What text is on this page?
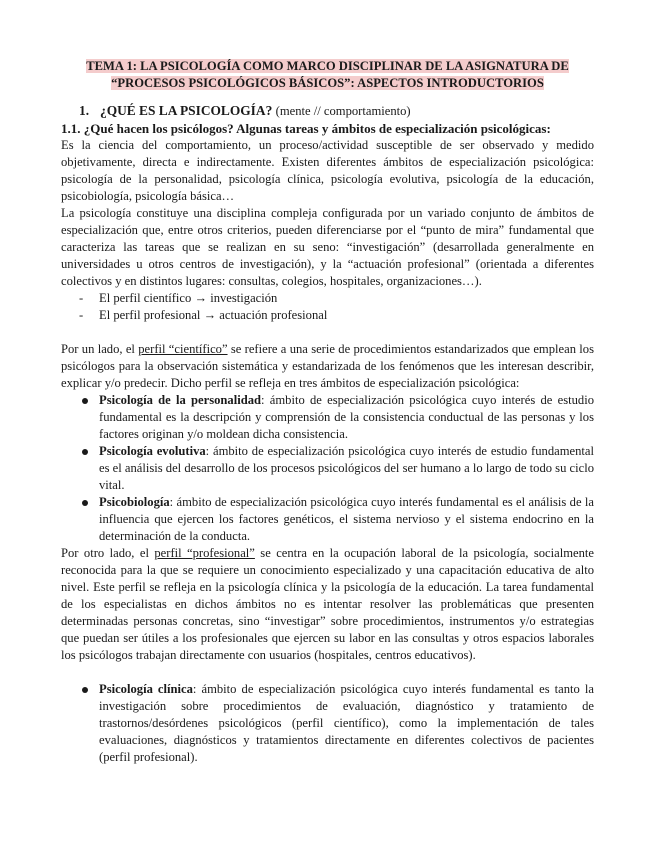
TEMA 1: LA PSICOLOGÍA COMO MARCO DISCIPLINAR DE LA ASIGNATURA DE
“PROCESOS PSICOLÓGICOS BÁSICOS”: ASPECTOS INTRODUCTORIOS
1. ¿QUÉ ES LA PSICOLOGÍA? (mente // comportamiento)
1.1. ¿Qué hacen los psicólogos? Algunas tareas y ámbitos de especialización psicológicas:

Es la ciencia del comportamiento, un proceso/actividad susceptible de ser observado y medido objetivamente, directa e indirectamente. Existen diferentes ámbitos de especialización psicológica: psicología de la personalidad, psicología clínica, psicología evolutiva, psicología de la educación, psicobiología, psicología básica…

La psicología constituye una disciplina compleja configurada por un variado conjunto de ámbitos de especialización que, entre otros criterios, pueden diferenciarse por el “punto de mira” fundamental que caracteriza las tareas que se realizan en su seno: “investigación” (desarrollada generalmente en universidades u otros centros de investigación), y la “actuación profesional” (orientada a diferentes colectivos y en distintos lugares: consultas, colegios, hospitales, organizaciones…).

- El perfil científico → investigación
- El perfil profesional → actuación profesional

Por un lado, el perfil “científico” se refiere a una serie de procedimientos estandarizados que emplean los psicólogos para la observación sistemática y estandarizada de los fenómenos que les interesan describir, explicar y/o predecir. Dicho perfil se refleja en tres ámbitos de especialización psicológica:

Psicología de la personalidad: ámbito de especialización psicológica cuyo interés de estudio fundamental es la descripción y comprensión de la consistencia conductual de las personas y los factores originan y/o moldean dicha consistencia.
Psicología evolutiva: ámbito de especialización psicológica cuyo interés de estudio fundamental es el análisis del desarrollo de los procesos psicológicos del ser humano a lo largo de todo su ciclo vital.
Psicobiología: ámbito de especialización psicológica cuyo interés fundamental es el análisis de la influencia que ejercen los factores genéticos, el sistema nervioso y el sistema endocrino en la determinación de la conducta.

Por otro lado, el perfil “profesional” se centra en la ocupación laboral de la psicología, socialmente reconocida para la que se requiere un conocimiento especializado y una capacitación educativa de alto nivel. Este perfil se refleja en la psicología clínica y la psicología de la educación. La tarea fundamental de los especialistas en dichos ámbitos no es intentar resolver las problemáticas que presenten determinadas personas concretas, sino “investigar” sobre procedimientos, instrumentos y/o estrategias que puedan ser útiles a los profesionales que ejercen su labor en las consultas y otros espacios laborales los psicólogos trabajan directamente con usuarios (hospitales, centros educativos).

Psicología clínica: ámbito de especialización psicológica cuyo interés fundamental es tanto la investigación sobre procedimientos de evaluación, diagnóstico y tratamiento de trastornos/desórdenes psicológicos (perfil científico), como la implementación de tales evaluaciones, diagnósticos y tratamientos directamente en diferentes colectivos de pacientes (perfil profesional).
